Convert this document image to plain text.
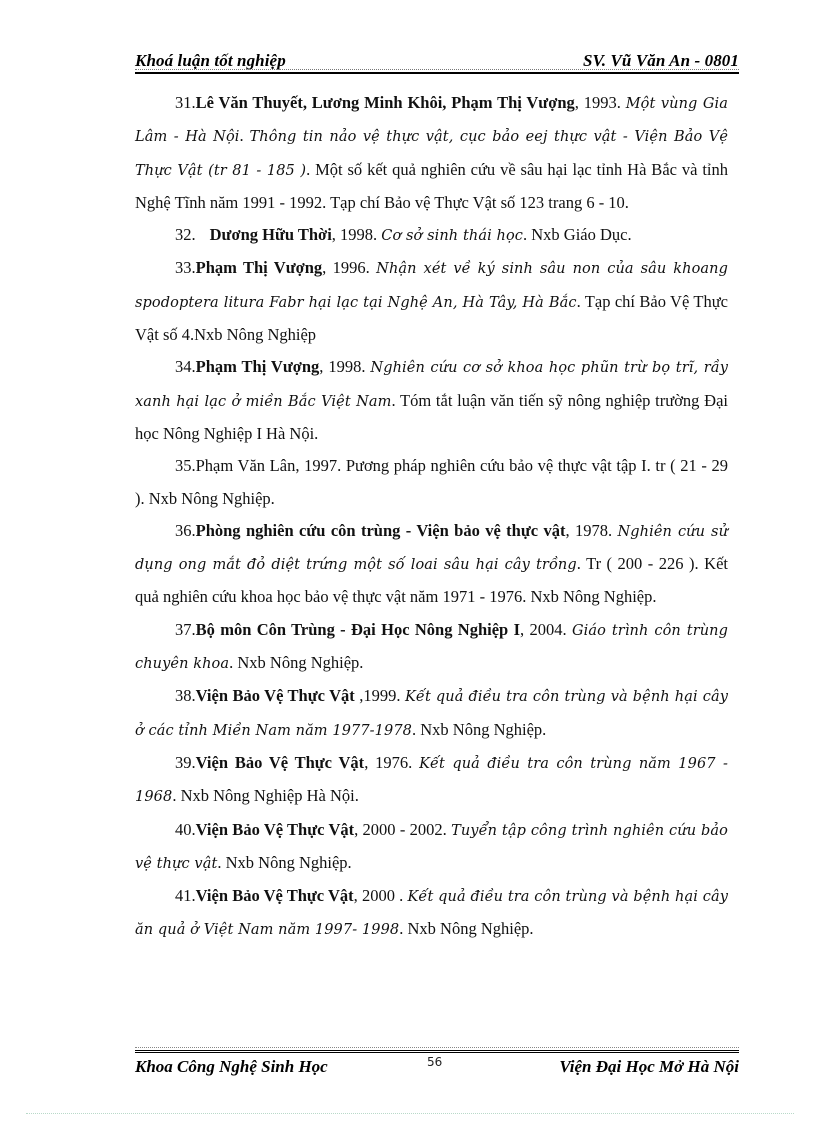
Khoá luận tốt nghiệp	SV. Vũ Văn An - 0801

31.Lê Văn Thuyết, Lương Minh Khôi, Phạm Thị Vượng, 1993. Một vùng Gia Lâm - Hà Nội. Thông tin nảo vệ thực vật, cục bảo eej thực vật - Viện Bảo Vệ Thực Vật (tr 81 - 185 ). Một số kết quả nghiên cứu về sâu hại lạc tỉnh Hà Bắc và tỉnh Nghệ Tĩnh năm 1991 - 1992. Tạp chí Bảo vệ Thực Vật số 123 trang 6 - 10.

32. Dương Hữu Thời, 1998. Cơ sở sinh thái học. Nxb Giáo Dục.

33.Phạm Thị Vượng, 1996. Nhận xét về ký sinh sâu non của sâu khoang spodoptera litura Fabr hại lạc tại Nghệ An, Hà Tây, Hà Bắc. Tạp chí Bảo Vệ Thực Vật số 4.Nxb Nông Nghiệp

34.Phạm Thị Vượng, 1998. Nghiên cứu cơ sở khoa học phũn trừ bọ trĩ, rầy xanh hại lạc ở miền Bắc Việt Nam. Tóm tắt luận văn tiến sỹ nông nghiệp trường Đại học Nông Nghiệp I Hà Nội.

35.Phạm Văn Lân, 1997. Pương pháp nghiên cứu bảo vệ thực vật tập I. tr ( 21 - 29 ). Nxb Nông Nghiệp.

36.Phòng nghiên cứu côn trùng - Viện bảo vệ thực vật, 1978. Nghiên cứu sử dụng ong mắt đỏ diệt trứng một số loai sâu hại cây trồng. Tr ( 200 - 226 ). Kết quả nghiên cứu khoa học bảo vệ thực vật năm 1971 - 1976. Nxb Nông Nghiệp.

37.Bộ môn Côn Trùng - Đại Học Nông Nghiệp I, 2004. Giáo trình côn trùng chuyên khoa. Nxb Nông Nghiệp.

38.Viện Bảo Vệ Thực Vật ,1999. Kết quả điều tra côn trùng và bệnh hại cây ở các tỉnh Miền Nam năm 1977-1978. Nxb Nông Nghiệp.

39.Viện Bảo Vệ Thực Vật, 1976. Kết quả điều tra côn trùng năm 1967 - 1968. Nxb Nông Nghiệp Hà Nội.

40.Viện Bảo Vệ Thực Vật, 2000 - 2002. Tuyển tập công trình nghiên cứu bảo vệ thực vật. Nxb Nông Nghiệp.

41.Viện Bảo Vệ Thực Vật, 2000 . Kết quả điều tra côn trùng và bệnh hại cây ăn quả ở Việt Nam năm 1997- 1998. Nxb Nông Nghiệp.

Khoa Công Nghệ Sinh Học	56	Viện Đại Học Mở Hà Nội
